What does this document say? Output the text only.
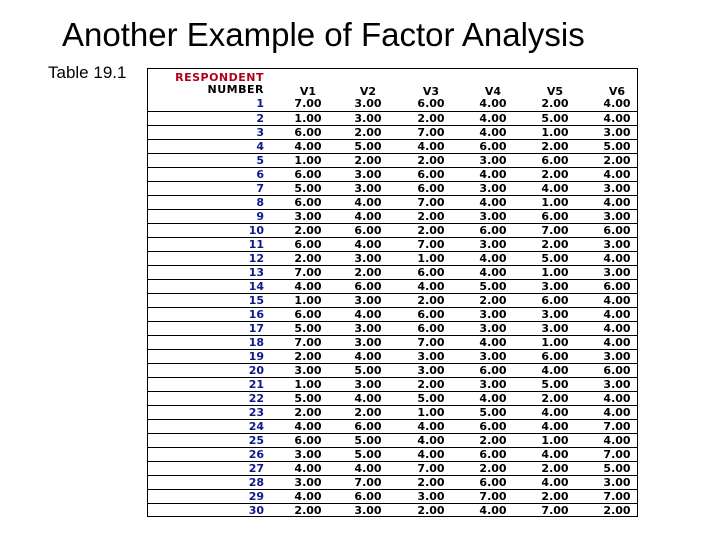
Another Example of Factor Analysis
Table 19.1	RESPONDENT
NUMBER	V1	V2	V3	V4	V5	V6
1	7.00	3.00	6.00	4.00	2.00	4.00
2	1.00	3.00	2.00	4.00	5.00	4.00
3	6.00	2.00	7.00	4.00	1.00	3.00
4	4.00	5.00	4.00	6.00	2.00	5.00
5	1.00	2.00	2.00	3.00	6.00	2.00
6	6.00	3.00	6.00	4.00	2.00	4.00
7	5.00	3.00	6.00	3.00	4.00	3.00
8	6.00	4.00	7.00	4.00	1.00	4.00
9	3.00	4.00	2.00	3.00	6.00	3.00
10	2.00	6.00	2.00	6.00	7.00	6.00
11	6.00	4.00	7.00	3.00	2.00	3.00
12	2.00	3.00	1.00	4.00	5.00	4.00
13	7.00	2.00	6.00	4.00	1.00	3.00
14	4.00	6.00	4.00	5.00	3.00	6.00
15	1.00	3.00	2.00	2.00	6.00	4.00
16	6.00	4.00	6.00	3.00	3.00	4.00
17	5.00	3.00	6.00	3.00	3.00	4.00
18	7.00	3.00	7.00	4.00	1.00	4.00
19	2.00	4.00	3.00	3.00	6.00	3.00
20	3.00	5.00	3.00	6.00	4.00	6.00
21	1.00	3.00	2.00	3.00	5.00	3.00
22	5.00	4.00	5.00	4.00	2.00	4.00
23	2.00	2.00	1.00	5.00	4.00	4.00
24	4.00	6.00	4.00	6.00	4.00	7.00
25	6.00	5.00	4.00	2.00	1.00	4.00
26	3.00	5.00	4.00	6.00	4.00	7.00
27	4.00	4.00	7.00	2.00	2.00	5.00
28	3.00	7.00	2.00	6.00	4.00	3.00
29	4.00	6.00	3.00	7.00	2.00	7.00
30	2.00	3.00	2.00	4.00	7.00	2.00
